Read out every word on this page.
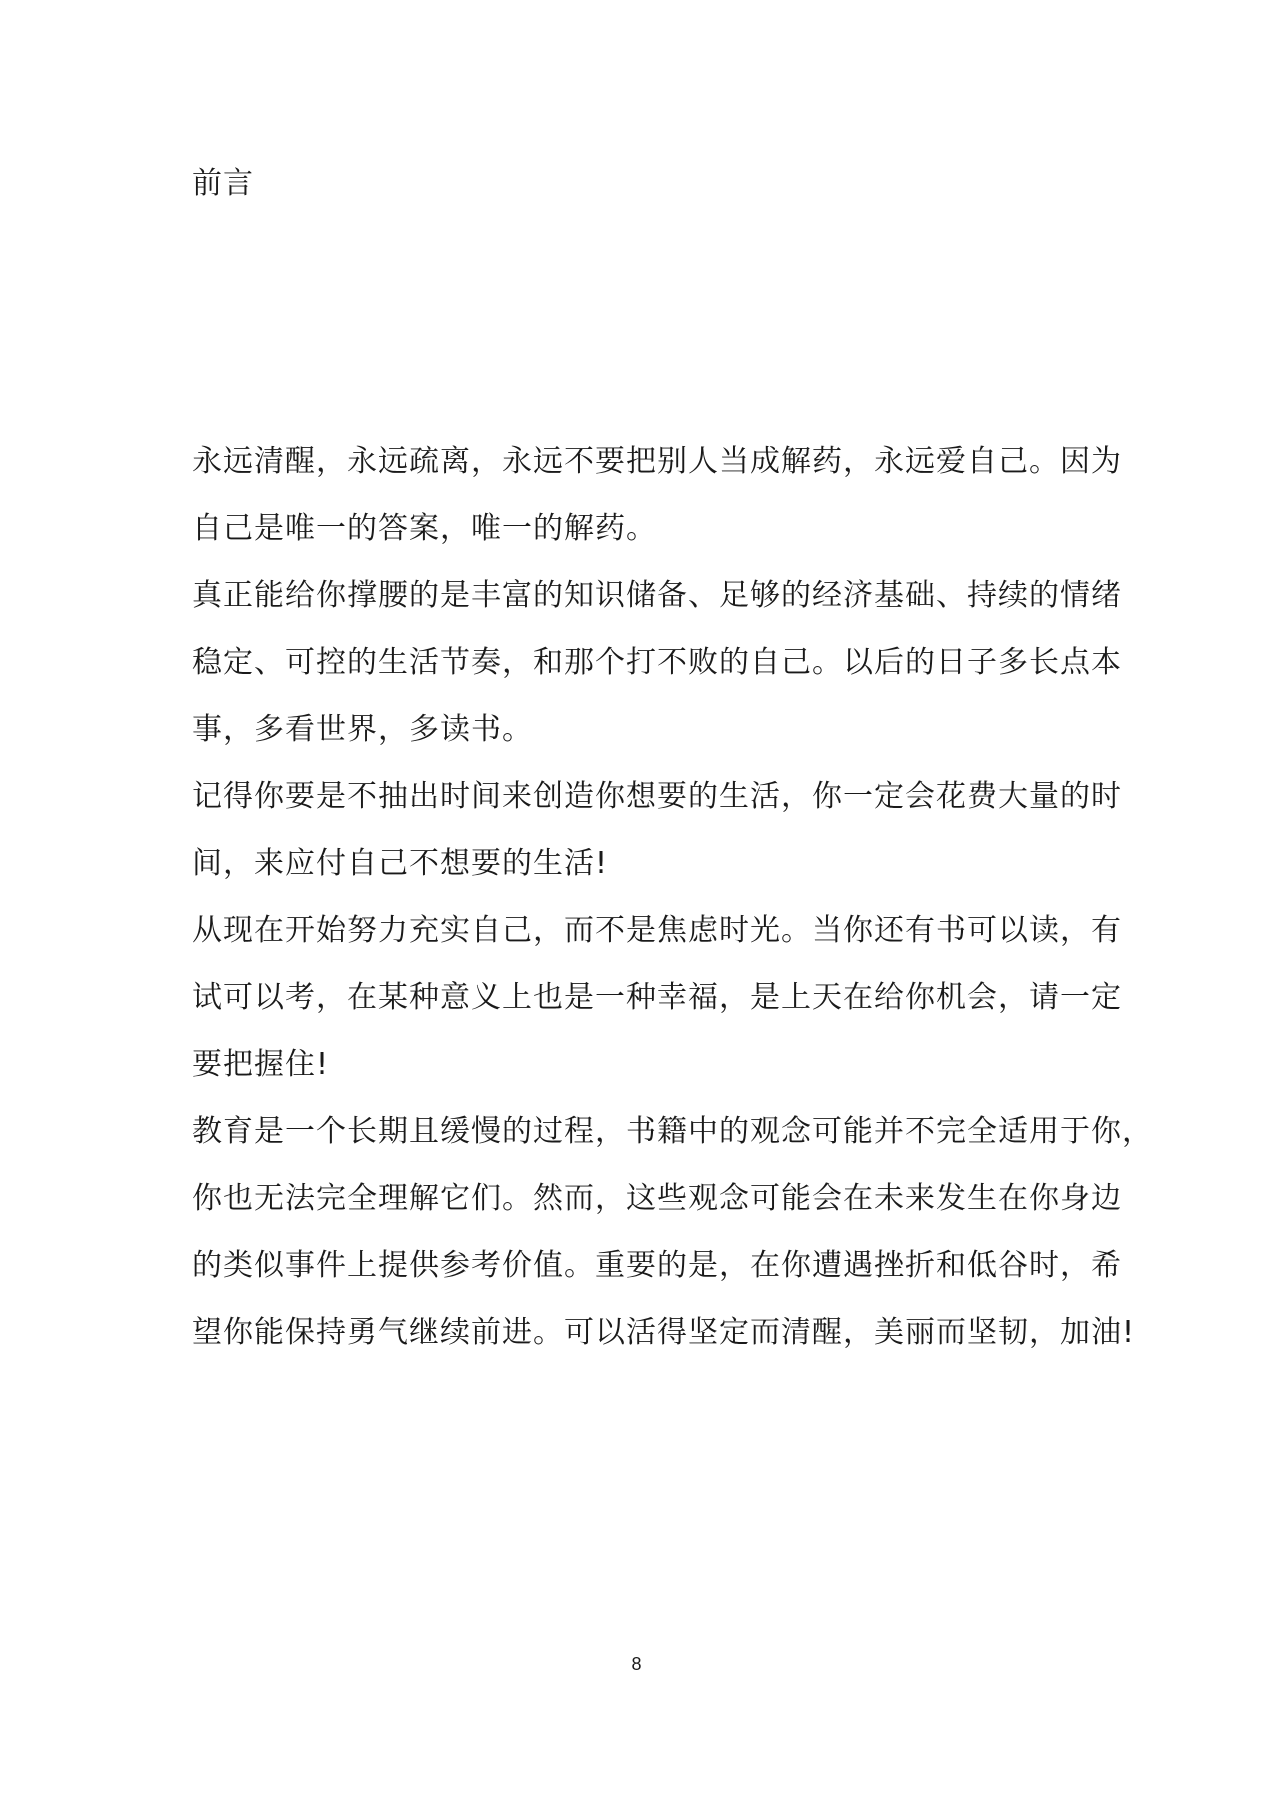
前言
永远清醒，永远疏离，永远不要把别人当成解药，永远爱自己。因为
自己是唯一的答案，唯一的解药。
真正能给你撑腰的是丰富的知识储备、足够的经济基础、持续的情绪
稳定、可控的生活节奏，和那个打不败的自己。以后的日子多长点本
事，多看世界，多读书。
记得你要是不抽出时间来创造你想要的生活，你一定会花费大量的时
间，来应付自己不想要的生活!
从现在开始努力充实自己，而不是焦虑时光。当你还有书可以读，有
试可以考，在某种意义上也是一种幸福，是上天在给你机会，请一定
要把握住!
教育是一个长期且缓慢的过程，书籍中的观念可能并不完全适用于你，
你也无法完全理解它们。然而，这些观念可能会在未来发生在你身边
的类似事件上提供参考价值。重要的是，在你遭遇挫折和低谷时，希
望你能保持勇气继续前进。可以活得坚定而清醒，美丽而坚韧，加油!
8
